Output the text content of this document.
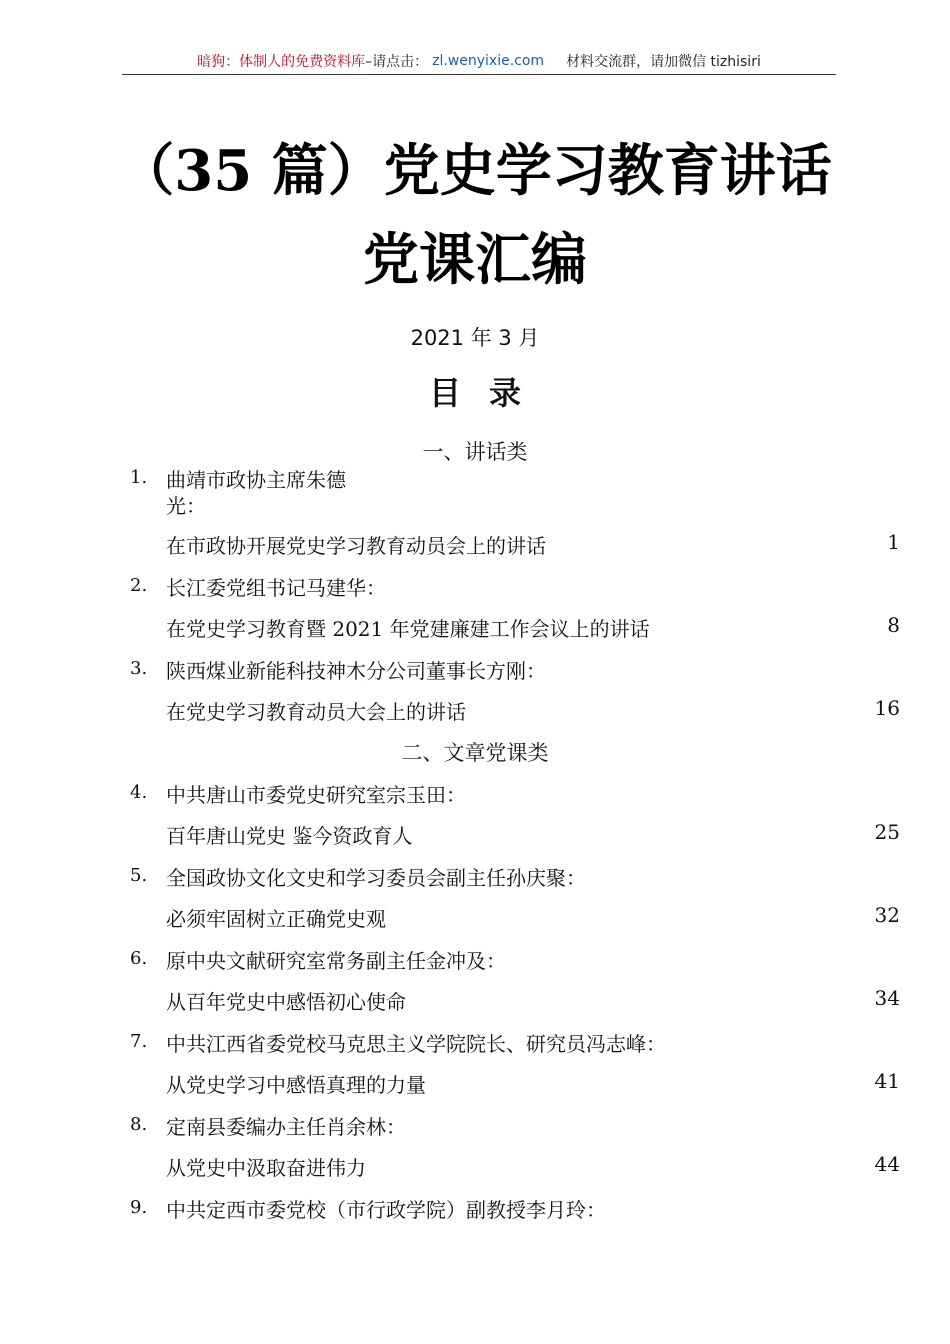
暗狗：体制人的免费资料库 –请点击： zl.wenyixie.com 材料交流群，请加微信 tizhisiri
（35 篇）党史学习教育讲话
党课汇编
2021 年 3 月
目录
一、讲话类
1. 曲靖市政协主席朱德
光：
在市政协开展党史学习教育动员会上的讲话	1
2. 长江委党组书记马建华：
在党史学习教育暨 2021 年党建廉建工作会议上的讲话	8
3. 陕西煤业新能科技神木分公司董事长方刚：
在党史学习教育动员大会上的讲话	16
二、文章党课类
4. 中共唐山市委党史研究室宗玉田：
百年唐山党史 鉴今资政育人	25
5. 全国政协文化文史和学习委员会副主任孙庆聚：
必须牢固树立正确党史观	32
6. 原中央文献研究室常务副主任金冲及：
从百年党史中感悟初心使命	34
7. 中共江西省委党校马克思主义学院院长、研究员冯志峰：
从党史学习中感悟真理的力量	41
8. 定南县委编办主任肖余林：
从党史中汲取奋进伟力	44
9. 中共定西市委党校（市行政学院）副教授李月玲：
